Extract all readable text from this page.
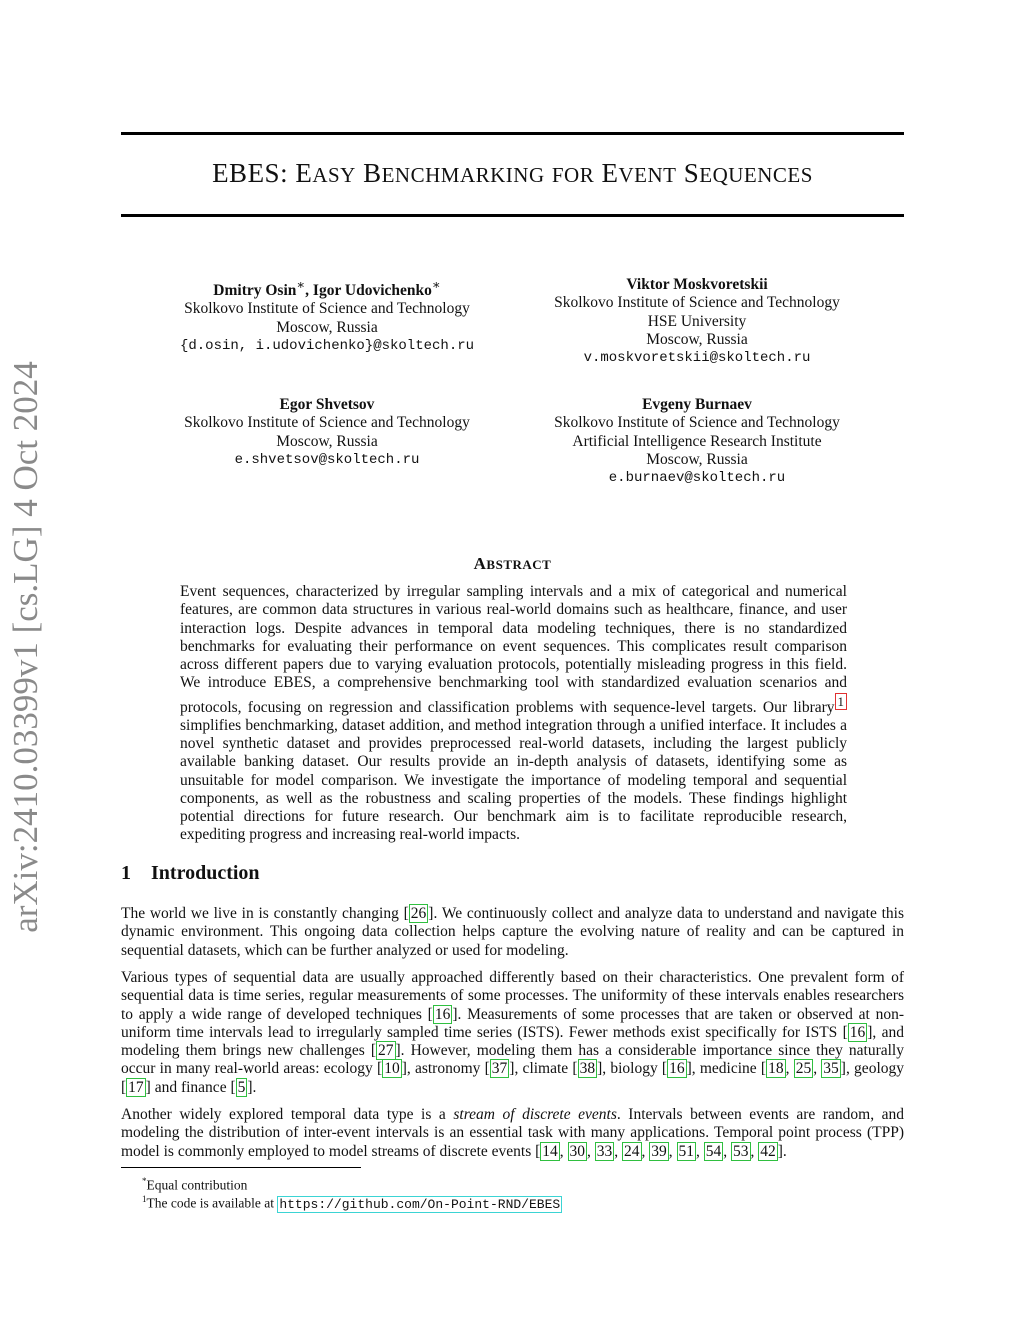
EBES: EASY BENCHMARKING FOR EVENT SEQUENCES
arXiv:2410.03399v1 [cs.LG] 4 Oct 2024
Dmitry Osin∗, Igor Udovichenko∗
Skolkovo Institute of Science and Technology
Moscow, Russia
{d.osin, i.udovichenko}@skoltech.ru
Viktor Moskvoretskii
Skolkovo Institute of Science and Technology
HSE University
Moscow, Russia
v.moskvoretskii@skoltech.ru
Egor Shvetsov
Skolkovo Institute of Science and Technology
Moscow, Russia
e.shvetsov@skoltech.ru
Evgeny Burnaev
Skolkovo Institute of Science and Technology
Artificial Intelligence Research Institute
Moscow, Russia
e.burnaev@skoltech.ru
ABSTRACT

Event sequences, characterized by irregular sampling intervals and a mix of categorical and numerical features, are common data structures in various real-world domains such as healthcare, finance, and user interaction logs. Despite advances in temporal data modeling techniques, there is no standardized benchmarks for evaluating their performance on event sequences. This complicates result comparison across different papers due to varying evaluation protocols, potentially misleading progress in this field. We introduce EBES, a comprehensive benchmarking tool with standardized evaluation scenarios and protocols, focusing on regression and classification problems with sequence-level targets. Our library $^1$ simplifies benchmarking, dataset addition, and method integration through a unified interface. It includes a novel synthetic dataset and provides preprocessed real-world datasets, including the largest publicly available banking dataset. Our results provide an in-depth analysis of datasets, identifying some as unsuitable for model comparison. We investigate the importance of modeling temporal and sequential components, as well as the robustness and scaling properties of the models. These findings highlight potential directions for future research. Our benchmark aim is to facilitate reproducible research, expediting progress and increasing real-world impacts.

1 Introduction

The world we live in is constantly changing [ 26 ]. We continuously collect and analyze data to understand and navigate this dynamic environment. This ongoing data collection helps capture the evolving nature of reality and can be captured in sequential datasets, which can be further analyzed or used for modeling.

Various types of sequential data are usually approached differently based on their characteristics. One prevalent form of sequential data is time series, regular measurements of some processes. The uniformity of these intervals enables researchers to apply a wide range of developed techniques [ 16 ]. Measurements of some processes that are taken or observed at non-uniform time intervals lead to irregularly sampled time series (ISTS). Fewer methods exist specifically for ISTS [ 16 ], and modeling them brings new challenges [ 27 ]. However, modeling them has a considerable importance since they naturally occur in many real-world areas: ecology [ 10 ], astronomy [ 37 ], climate [ 38 ], biology [ 16 ], medicine [ 18 , 25 , 35 ], geology [ 17 ] and finance [ 5 ].

Another widely explored temporal data type is a stream of discrete events. Intervals between events are random, and modeling the distribution of inter-event intervals is an essential task with many applications. Temporal point process (TPP) model is commonly employed to model streams of discrete events [ 14 , 30 , 33 , 24 , 39 , 51 , 54 , 53 , 42 ].

*Equal contribution

$^1$The code is available at https://github.com/On-Point-RND/EBES
